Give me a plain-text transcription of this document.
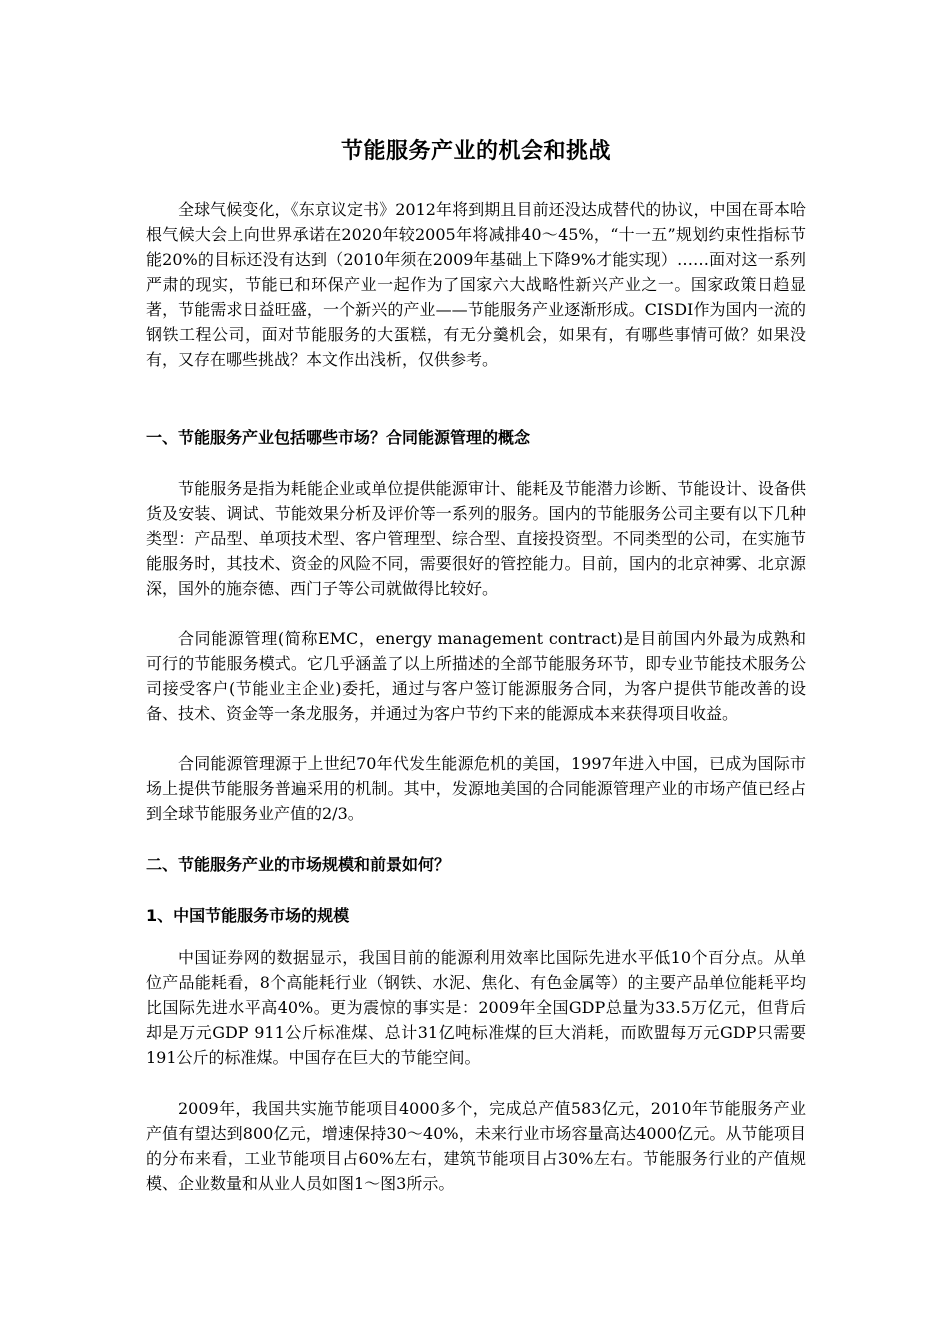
节能服务产业的机会和挑战

全球气候变化，《东京议定书》2012年将到期且目前还没达成替代的协议，中国在哥本哈根气候大会上向世界承诺在2020年较2005年将减排40～45%，“十一五”规划约束性指标节能20%的目标还没有达到（2010年须在2009年基础上下降9%才能实现）……面对这一系列严肃的现实，节能已和环保产业一起作为了国家六大战略性新兴产业之一。国家政策日趋显著，节能需求日益旺盛，一个新兴的产业——节能服务产业逐渐形成。CISDI作为国内一流的钢铁工程公司，面对节能服务的大蛋糕，有无分羹机会，如果有，有哪些事情可做？如果没有，又存在哪些挑战？本文作出浅析，仅供参考。

一、节能服务产业包括哪些市场？合同能源管理的概念

节能服务是指为耗能企业或单位提供能源审计、能耗及节能潜力诊断、节能设计、设备供货及安装、调试、节能效果分析及评价等一系列的服务。国内的节能服务公司主要有以下几种类型：产品型、单项技术型、客户管理型、综合型、直接投资型。不同类型的公司，在实施节能服务时，其技术、资金的风险不同，需要很好的管控能力。目前，国内的北京神雾、北京源深，国外的施奈德、西门子等公司就做得比较好。

合同能源管理(简称EMC，energy management contract)是目前国内外最为成熟和可行的节能服务模式。它几乎涵盖了以上所描述的全部节能服务环节，即专业节能技术服务公司接受客户(节能业主企业)委托，通过与客户签订能源服务合同，为客户提供节能改善的设备、技术、资金等一条龙服务，并通过为客户节约下来的能源成本来获得项目收益。

合同能源管理源于上世纪70年代发生能源危机的美国，1997年进入中国，已成为国际市场上提供节能服务普遍采用的机制。其中，发源地美国的合同能源管理产业的市场产值已经占到全球节能服务业产值的2/3。

二、节能服务产业的市场规模和前景如何？
1、中国节能服务市场的规模

中国证券网的数据显示，我国目前的能源利用效率比国际先进水平低10个百分点。从单位产品能耗看，8个高能耗行业（钢铁、水泥、焦化、有色金属等）的主要产品单位能耗平均比国际先进水平高40%。更为震惊的事实是：2009年全国GDP总量为33.5万亿元，但背后却是万元GDP 911公斤标准煤、总计31亿吨标准煤的巨大消耗，而欧盟每万元GDP只需要191公斤的标准煤。中国存在巨大的节能空间。

2009年，我国共实施节能项目4000多个，完成总产值583亿元，2010年节能服务产业产值有望达到800亿元，增速保持30～40%，未来行业市场容量高达4000亿元。从节能项目的分布来看，工业节能项目占60%左右，建筑节能项目占30%左右。节能服务行业的产值规模、企业数量和从业人员如图1～图3所示。
